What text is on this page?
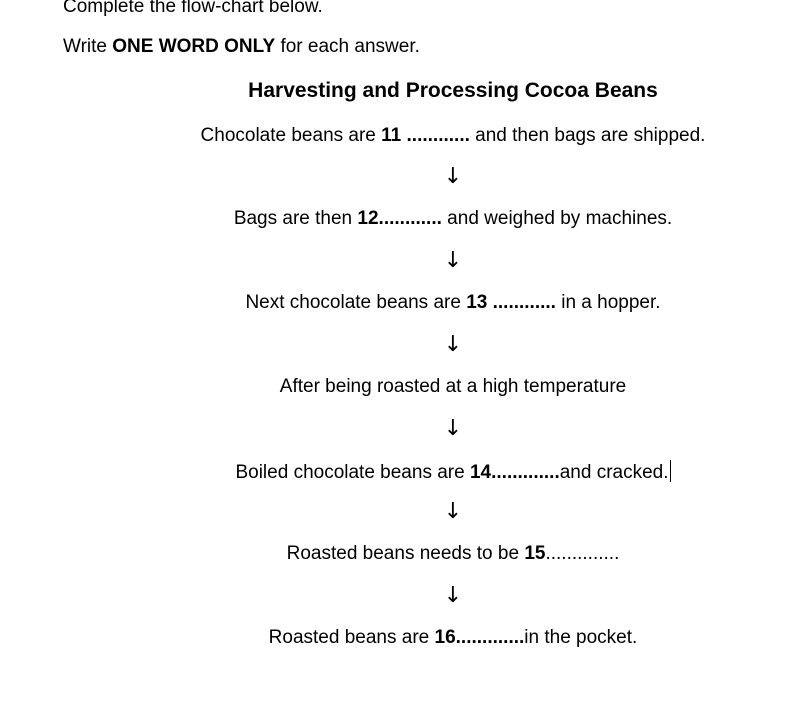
Complete the flow-chart below.
Write ONE WORD ONLY for each answer.
Harvesting and Processing Cocoa Beans
Chocolate beans are 11 ............ and then bags are shipped.
↓
Bags are then 12............ and weighed by machines.
↓
Next chocolate beans are 13 ............ in a hopper.
↓
After being roasted at a high temperature
↓
Boiled chocolate beans are 14.............and cracked.
↓
Roasted beans needs to be 15..............
↓
Roasted beans are 16.............in the pocket.
